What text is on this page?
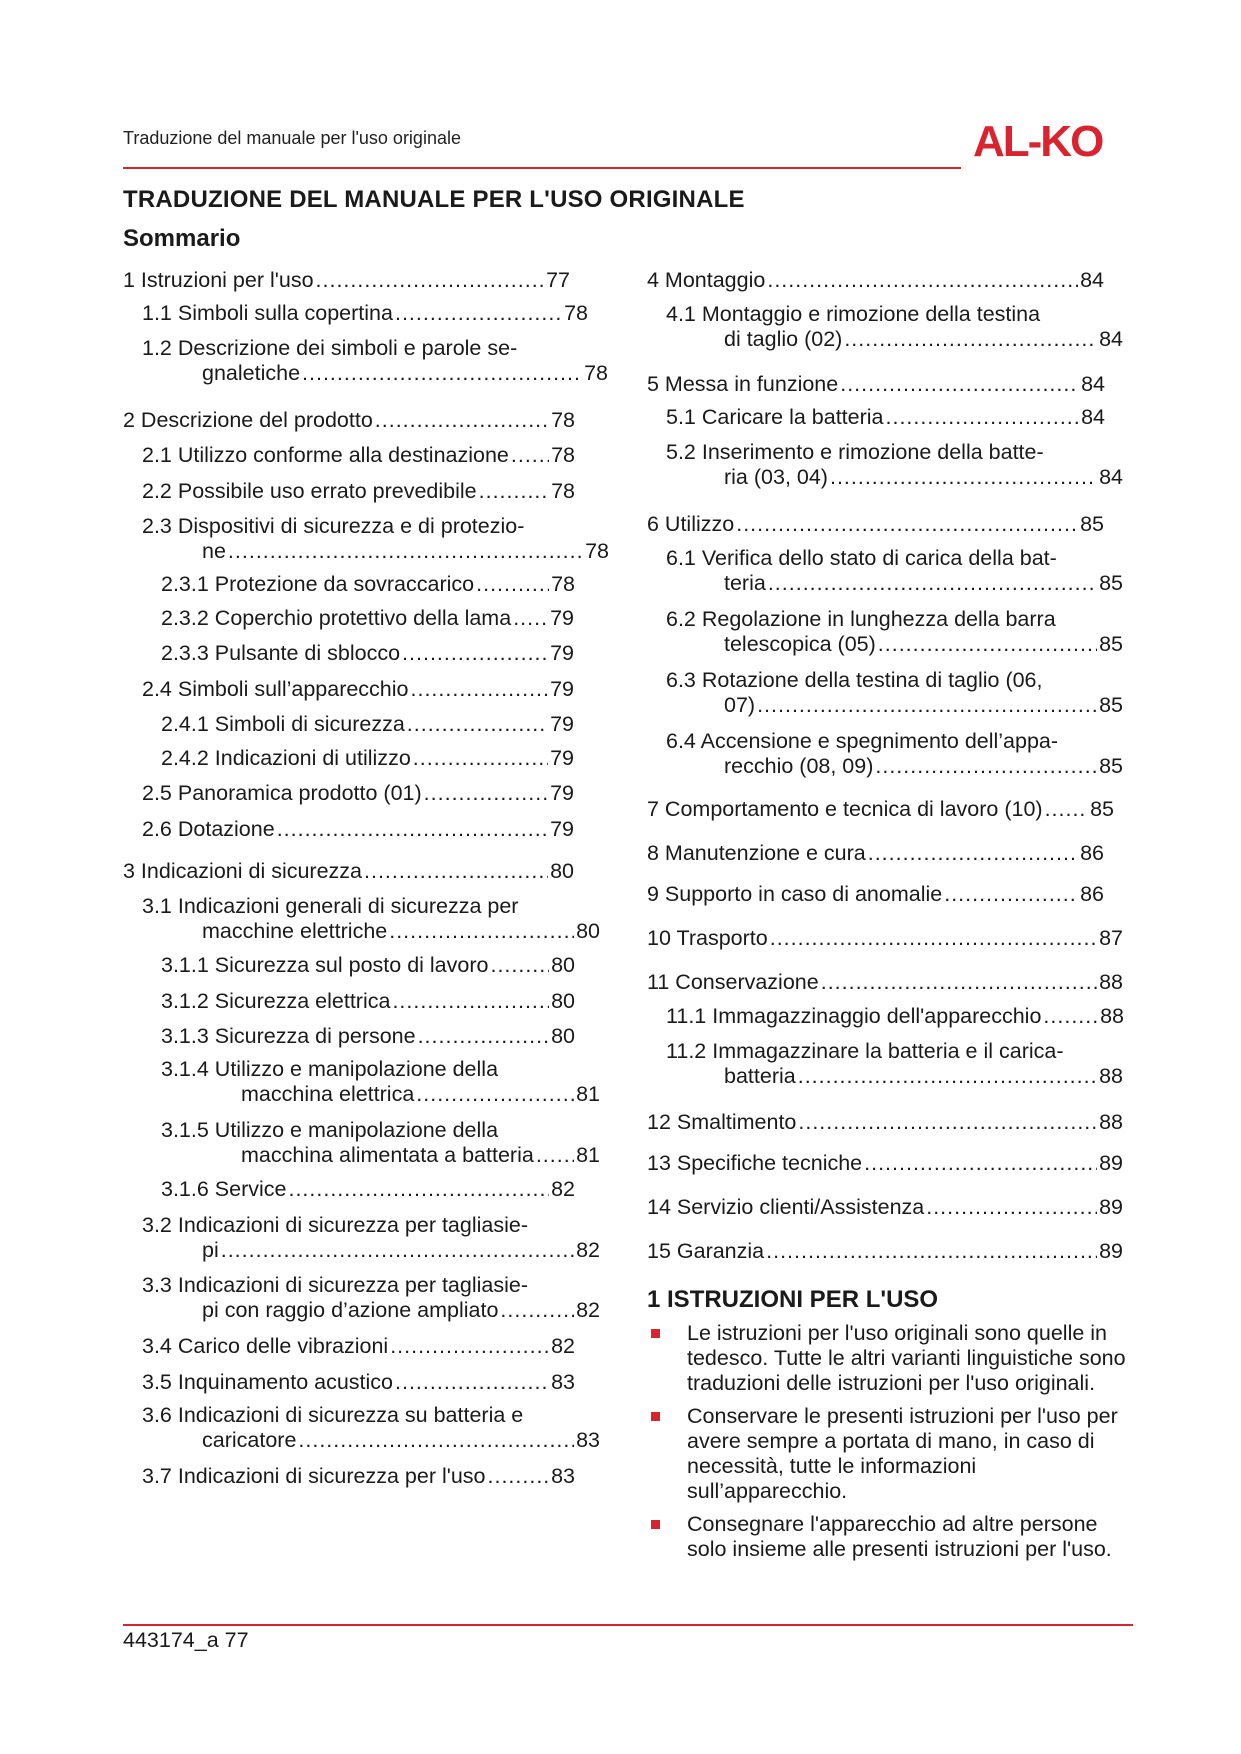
Traduzione del manuale per l'uso originale	AL-KO
TRADUZIONE DEL MANUALE PER L'USO ORIGINALE
Sommario
1 Istruzioni per l'uso .....	77
1.1 Simboli sulla copertina .....	78
1.2 Descrizione dei simboli e parole se-
gnaletiche .....	78
2 Descrizione del prodotto .....	78
2.1 Utilizzo conforme alla destinazione ..... 78
2.2 Possibile uso errato prevedibile .....	78
2.3 Dispositivi di sicurezza e di protezio-
ne .....	78
2.3.1 Protezione da sovraccarico .....	78
2.3.2 Coperchio protettivo della lama ..... 79
2.3.3 Pulsante di sblocco .....	79
2.4 Simboli sull’apparecchio .....	79
2.4.1 Simboli di sicurezza .....	79
2.4.2 Indicazioni di utilizzo .....	79
2.5 Panoramica prodotto (01) .....	79
2.6 Dotazione .....	79
3 Indicazioni di sicurezza .....	80
3.1 Indicazioni generali di sicurezza per
macchine elettriche .....	80
3.1.1 Sicurezza sul posto di lavoro .....	80
3.1.2 Sicurezza elettrica .....	80
3.1.3 Sicurezza di persone .....	80
3.1.4 Utilizzo e manipolazione della
macchina elettrica .....	81
3.1.5 Utilizzo e manipolazione della
macchina alimentata a batteria ..... 81
3.1.6 Service .....	82
3.2 Indicazioni di sicurezza per tagliasie-
pi .....	82
3.3 Indicazioni di sicurezza per tagliasie-
pi con raggio d’azione ampliato .....	82
3.4 Carico delle vibrazioni .....	82
3.5 Inquinamento acustico .....	83
3.6 Indicazioni di sicurezza su batteria e
caricatore .....	83
3.7 Indicazioni di sicurezza per l'uso .....	83
4 Montaggio .....	84
4.1 Montaggio e rimozione della testina
di taglio (02) .....	84
5 Messa in funzione .....	84
5.1 Caricare la batteria .....	84
5.2 Inserimento e rimozione della batte-
ria (03, 04) .....	84
6 Utilizzo .....	85
6.1 Verifica dello stato di carica della bat-
teria .....	85
6.2 Regolazione in lunghezza della barra
telescopica (05) .....	85
6.3 Rotazione della testina di taglio (06,
07) .....	85
6.4 Accensione e spegnimento dell’appa-
recchio (08, 09) .....	85
7 Comportamento e tecnica di lavoro (10) ..... 85
8 Manutenzione e cura .....	86
9 Supporto in caso di anomalie .....	86
10 Trasporto .....	87
11 Conservazione .....	88
11.1 Immagazzinaggio dell'apparecchio .....	88
11.2 Immagazzinare la batteria e il carica-
batteria .....	88
12 Smaltimento .....	88
13 Specifiche tecniche .....	89
14 Servizio clienti/Assistenza .....	89
15 Garanzia .....	89
1 ISTRUZIONI PER L'USO
Le istruzioni per l'uso originali sono quelle in tedesco. Tutte le altri varianti linguistiche sono traduzioni delle istruzioni per l'uso originali.
Conservare le presenti istruzioni per l'uso per avere sempre a portata di mano, in caso di necessità, tutte le informazioni sull’apparecchio.
Consegnare l'apparecchio ad altre persone solo insieme alle presenti istruzioni per l'uso.
443174_a 77
